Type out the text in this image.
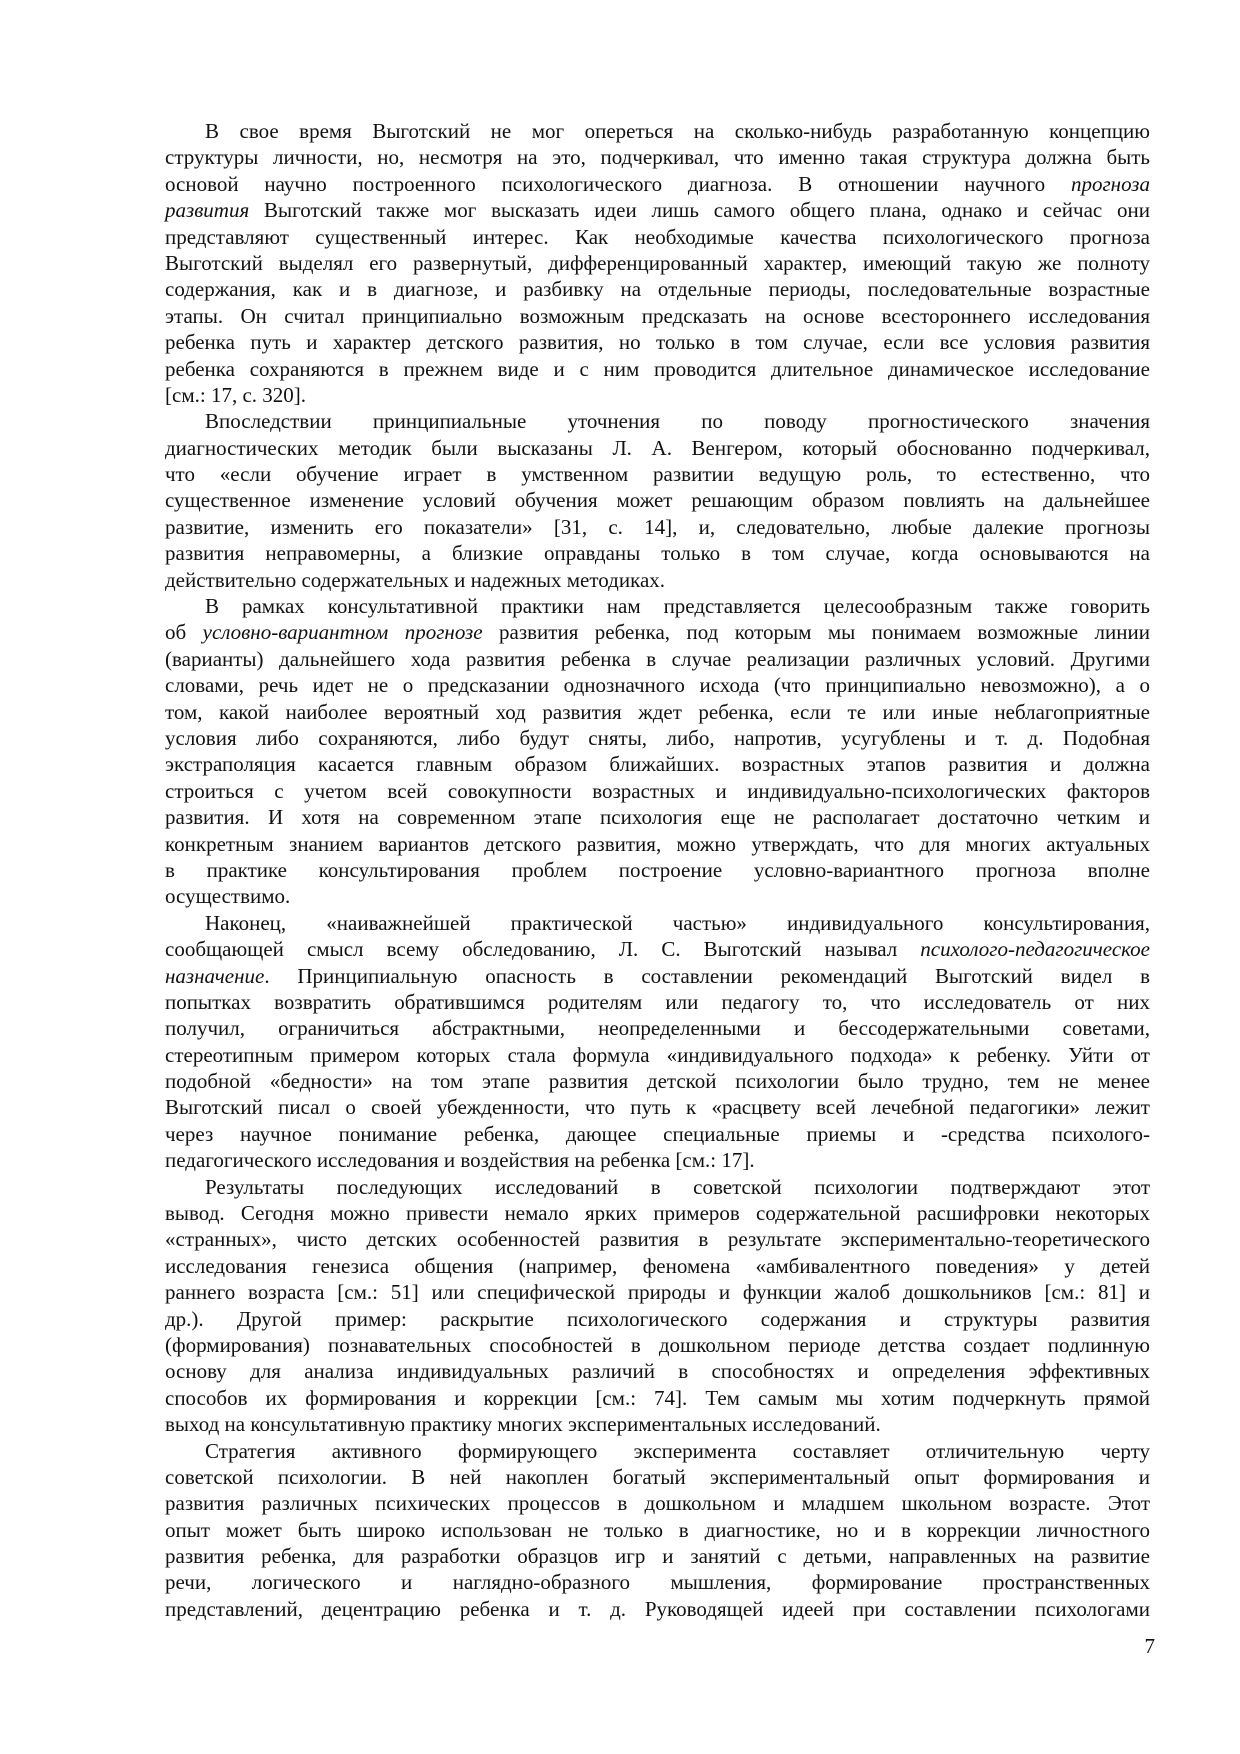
В свое время Выготский не мог опереться на сколько-нибудь разработанную концепцию
структуры личности, но, несмотря на это, подчеркивал, что именно такая структура должна быть
основой научно построенного психологического диагноза. В отношении научного прогноза
развития Выготский также мог высказать идеи лишь самого общего плана, однако и сейчас они
представляют существенный интерес. Как необходимые качества психологического прогноза
Выготский выделял его развернутый, дифференцированный характер, имеющий такую же полноту
содержания, как и в диагнозе, и разбивку на отдельные периоды, последовательные возрастные
этапы. Он считал принципиально возможным предсказать на основе всестороннего исследования
ребенка путь и характер детского развития, но только в том случае, если все условия развития
ребенка сохраняются в прежнем виде и с ним проводится длительное динамическое исследование
[см.: 17, с. 320].
Впоследствии принципиальные уточнения по поводу прогностического значения
диагностических методик были высказаны Л. А. Венгером, который обоснованно подчеркивал,
что «если обучение играет в умственном развитии ведущую роль, то естественно, что
существенное изменение условий обучения может решающим образом повлиять на дальнейшее
развитие, изменить его показатели» [31, с. 14], и, следовательно, любые далекие прогнозы
развития неправомерны, а близкие оправданы только в том случае, когда основываются на
действительно содержательных и надежных методиках.
В рамках консультативной практики нам представляется целесообразным также говорить
об условно-вариантном прогнозе развития ребенка, под которым мы понимаем возможные линии
(варианты) дальнейшего хода развития ребенка в случае реализации различных условий. Другими
словами, речь идет не о предсказании однозначного исхода (что принципиально невозможно), а о
том, какой наиболее вероятный ход развития ждет ребенка, если те или иные неблагоприятные
условия либо сохраняются, либо будут сняты, либо, напротив, усугублены и т. д. Подобная
экстраполяция касается главным образом ближайших. возрастных этапов развития и должна
строиться с учетом всей совокупности возрастных и индивидуально-психологических факторов
развития. И хотя на современном этапе психология еще не располагает достаточно четким и
конкретным знанием вариантов детского развития, можно утверждать, что для многих актуальных
в практике консультирования проблем построение условно-вариантного прогноза вполне
осуществимо.
Наконец, «наиважнейшей практической частью» индивидуального консультирования,
сообщающей смысл всему обследованию, Л. С. Выготский называл психолого-педагогическое
назначение. Принципиальную опасность в составлении рекомендаций Выготский видел в
попытках возвратить обратившимся родителям или педагогу то, что исследователь от них
получил, ограничиться абстрактными, неопределенными и бессодержательными советами,
стереотипным примером которых стала формула «индивидуального подхода» к ребенку. Уйти от
подобной «бедности» на том этапе развития детской психологии было трудно, тем не менее
Выготский писал о своей убежденности, что путь к «расцвету всей лечебной педагогики» лежит
через научное понимание ребенка, дающее специальные приемы и -средства психолого-
педагогического исследования и воздействия на ребенка [см.: 17].
Результаты последующих исследований в советской психологии подтверждают этот
вывод. Сегодня можно привести немало ярких примеров содержательной расшифровки некоторых
«странных», чисто детских особенностей развития в результате экспериментально-теоретического
исследования генезиса общения (например, феномена «амбивалентного поведения» у детей
раннего возраста [см.: 51] или специфической природы и функции жалоб дошкольников [см.: 81] и
др.). Другой пример: раскрытие психологического содержания и структуры развития
(формирования) познавательных способностей в дошкольном периоде детства создает подлинную
основу для анализа индивидуальных различий в способностях и определения эффективных
способов их формирования и коррекции [см.: 74]. Тем самым мы хотим подчеркнуть прямой
выход на консультативную практику многих экспериментальных исследований.
Стратегия активного формирующего эксперимента составляет отличительную черту
советской психологии. В ней накоплен богатый экспериментальный опыт формирования и
развития различных психических процессов в дошкольном и младшем школьном возрасте. Этот
опыт может быть широко использован не только в диагностике, но и в коррекции личностного
развития ребенка, для разработки образцов игр и занятий с детьми, направленных на развитие
речи, логического и наглядно-образного мышления, формирование пространственных
представлений, децентрацию ребенка и т. д. Руководящей идеей при составлении психологами
7
